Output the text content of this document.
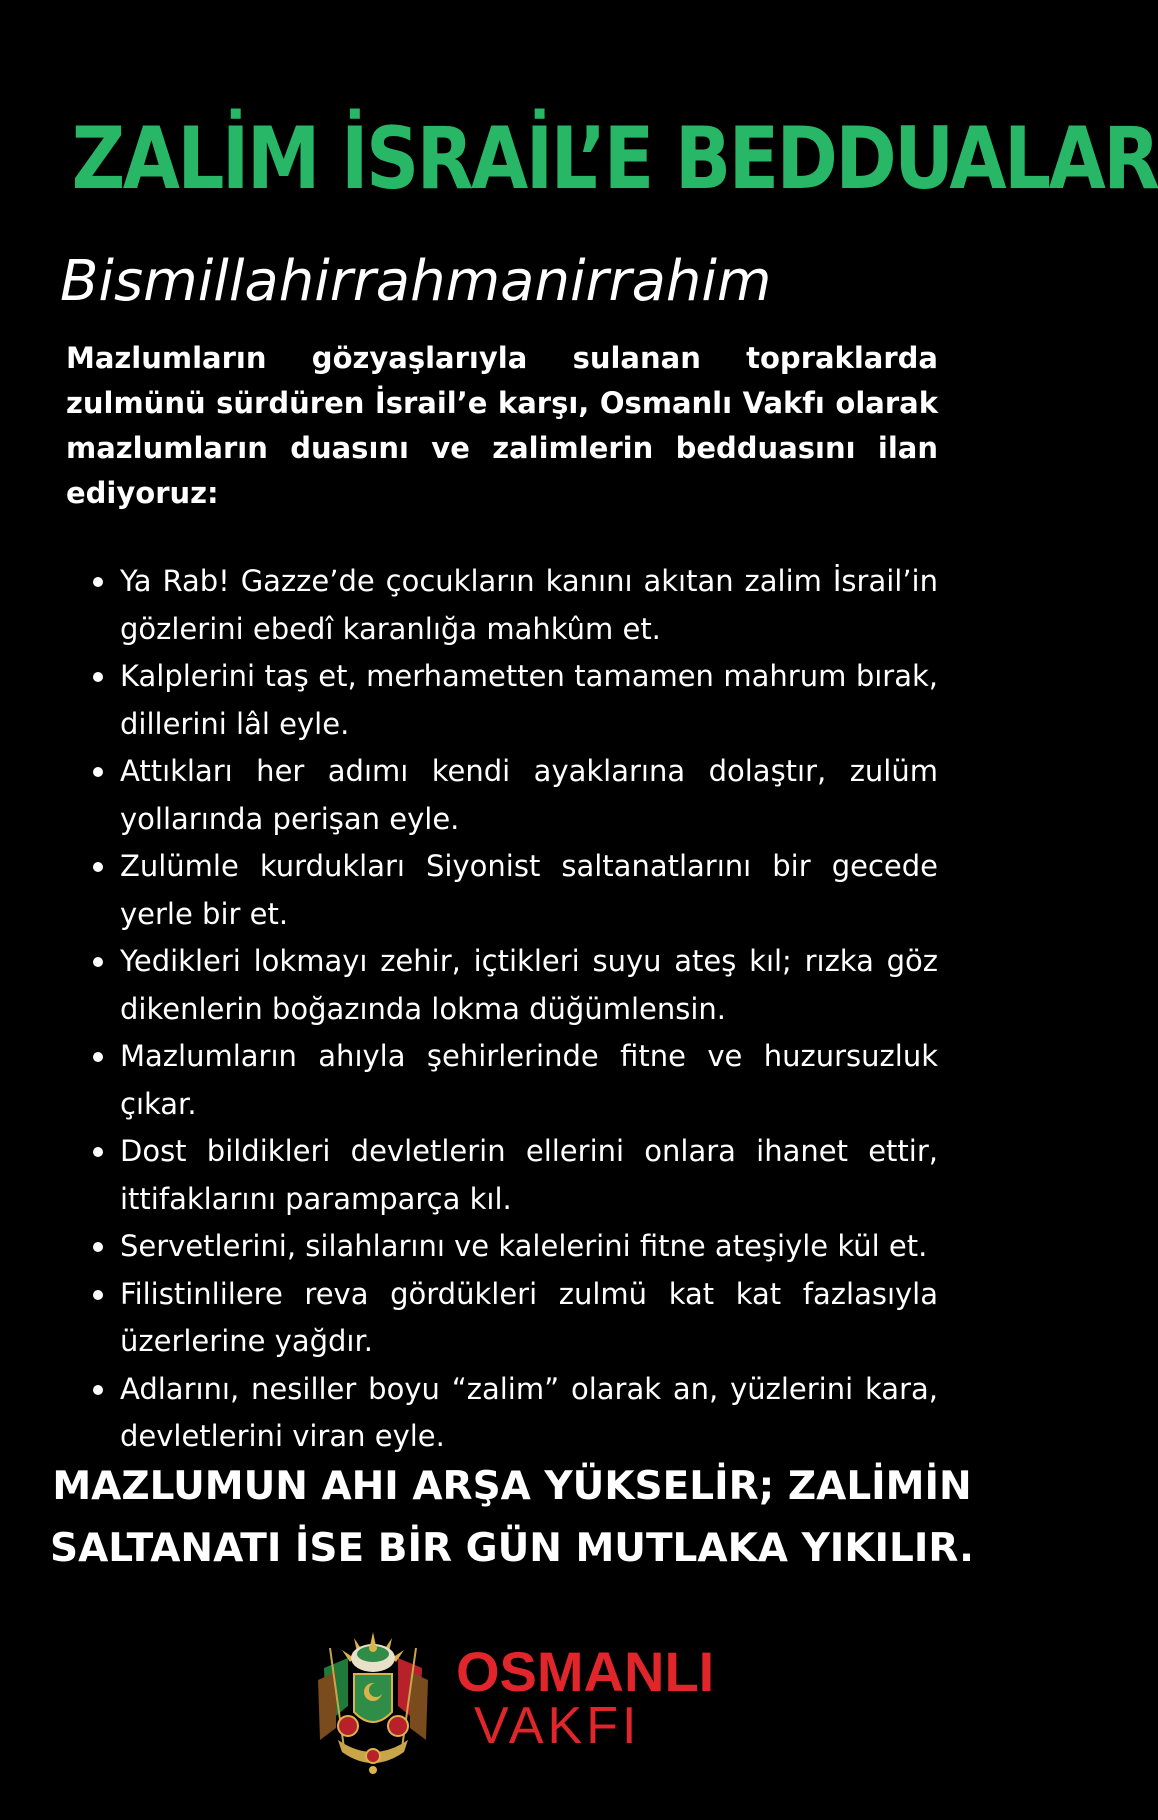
ZALİM İSRAİL’E BEDDUALAR
Bismillahirrahmanirrahim

Mazlumların gözyaşlarıyla sulanan topraklarda zulmünü sürdüren İsrail’e karşı, Osmanlı Vakfı olarak mazlumların duasını ve zalimlerin bedduasını ilan ediyoruz:

Ya Rab! Gazze’de çocukların kanını akıtan zalim İsrail’in gözlerini ebedî karanlığa mahkûm et.
Kalplerini taş et, merhametten tamamen mahrum bırak, dillerini lâl eyle.
Attıkları her adımı kendi ayaklarına dolaştır, zulüm yollarında perişan eyle.
Zulümle kurdukları Siyonist saltanatlarını bir gecede yerle bir et.
Yedikleri lokmayı zehir, içtikleri suyu ateş kıl; rızka göz dikenlerin boğazında lokma düğümlensin.
Mazlumların ahıyla şehirlerinde fitne ve huzursuzluk çıkar.
Dost bildikleri devletlerin ellerini onlara ihanet ettir, ittifaklarını paramparça kıl.
Servetlerini, silahlarını ve kalelerini fitne ateşiyle kül et.
Filistinlilere reva gördükleri zulmü kat kat fazlasıyla üzerlerine yağdır.
Adlarını, nesiller boyu “zalim” olarak an, yüzlerini kara, devletlerini viran eyle.
MAZLUMUN AHI ARŞA YÜKSELİR; ZALİMİN
SALTANATI İSE BİR GÜN MUTLAKA YIKILIR.
OSMANLI
VAKFI
